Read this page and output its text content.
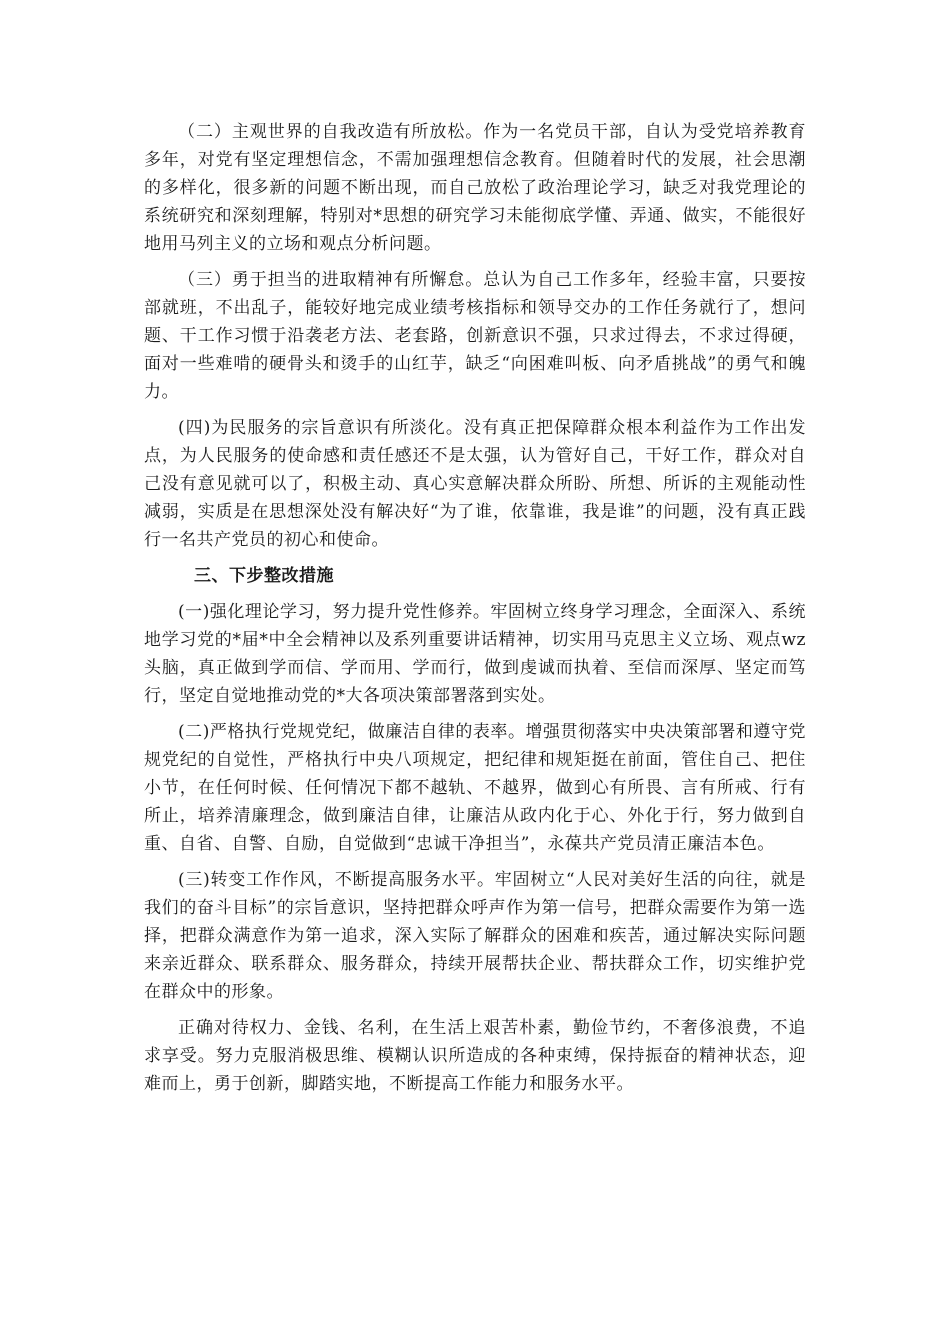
（二）主观世界的自我改造有所放松。作为一名党员干部，自认为受党培养教育多年，对党有坚定理想信念，不需加强理想信念教育。但随着时代的发展，社会思潮的多样化，很多新的问题不断出现，而自己放松了政治理论学习，缺乏对我党理论的系统研究和深刻理解，特别对*思想的研究学习未能彻底学懂、弄通、做实，不能很好地用马列主义的立场和观点分析问题。

（三）勇于担当的进取精神有所懈怠。总认为自己工作多年，经验丰富，只要按部就班，不出乱子，能较好地完成业绩考核指标和领导交办的工作任务就行了，想问题、干工作习惯于沿袭老方法、老套路，创新意识不强，只求过得去，不求过得硬，面对一些难啃的硬骨头和烫手的山红芋，缺乏“向困难叫板、向矛盾挑战”的勇气和魄力。

(四)为民服务的宗旨意识有所淡化。没有真正把保障群众根本利益作为工作出发点，为人民服务的使命感和责任感还不是太强，认为管好自己，干好工作，群众对自己没有意见就可以了，积极主动、真心实意解决群众所盼、所想、所诉的主观能动性减弱，实质是在思想深处没有解决好“为了谁，依靠谁，我是谁”的问题，没有真正践行一名共产党员的初心和使命。

三、下步整改措施

(一)强化理论学习，努力提升党性修养。牢固树立终身学习理念，全面深入、系统地学习党的*届*中全会精神以及系列重要讲话精神，切实用马克思主义立场、观点wz头脑，真正做到学而信、学而用、学而行，做到虔诚而执着、至信而深厚、坚定而笃行，坚定自觉地推动党的*大各项决策部署落到实处。

(二)严格执行党规党纪，做廉洁自律的表率。增强贯彻落实中央决策部署和遵守党规党纪的自觉性，严格执行中央八项规定，把纪律和规矩挺在前面，管住自己、把住小节，在任何时候、任何情况下都不越轨、不越界，做到心有所畏、言有所戒、行有所止，培养清廉理念，做到廉洁自律，让廉洁从政内化于心、外化于行，努力做到自重、自省、自警、自励，自觉做到“忠诚干净担当”，永葆共产党员清正廉洁本色。

(三)转变工作作风，不断提高服务水平。牢固树立“人民对美好生活的向往，就是我们的奋斗目标”的宗旨意识，坚持把群众呼声作为第一信号，把群众需要作为第一选择，把群众满意作为第一追求，深入实际了解群众的困难和疾苦，通过解决实际问题来亲近群众、联系群众、服务群众，持续开展帮扶企业、帮扶群众工作，切实维护党在群众中的形象。

正确对待权力、金钱、名利，在生活上艰苦朴素，勤俭节约，不奢侈浪费，不追求享受。努力克服消极思维、模糊认识所造成的各种束缚，保持振奋的精神状态，迎难而上，勇于创新，脚踏实地，不断提高工作能力和服务水平。
